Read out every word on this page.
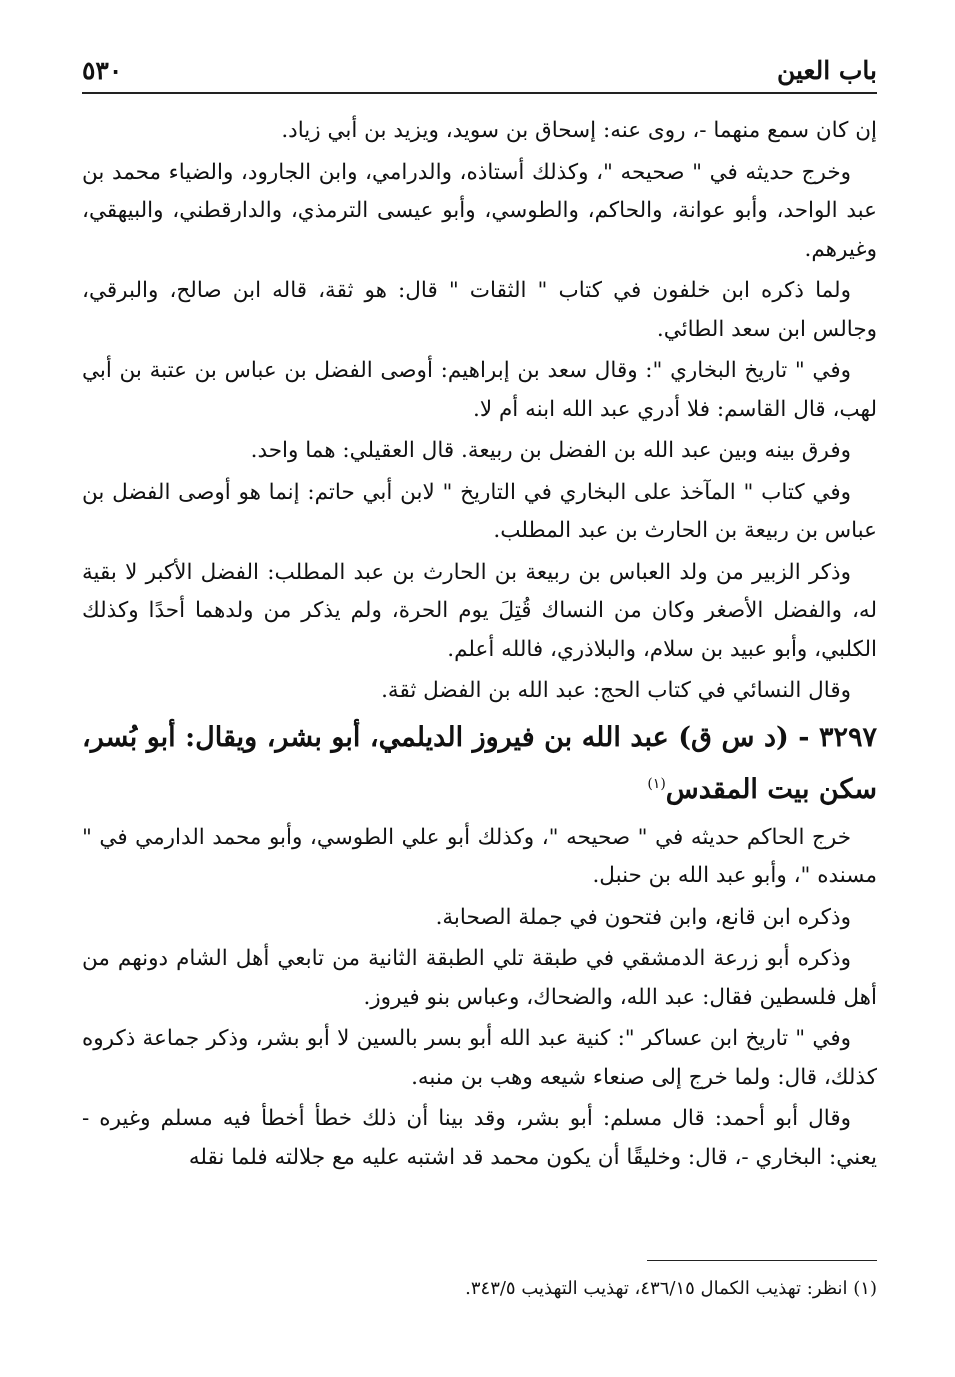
باب العين
٥٣٠

إن كان سمع منهما -، روى عنه: إسحاق بن سويد، ويزيد بن أبي زياد.

وخرج حديثه في " صحيحه "، وكذلك أستاذه، والدرامي، وابن الجارود، والضياء محمد بن عبد الواحد، وأبو عوانة، والحاكم، والطوسي، وأبو عيسى الترمذي، والدارقطني، والبيهقي، وغيرهم.

ولما ذكره ابن خلفون في كتاب " الثقات " قال: هو ثقة، قاله ابن صالح، والبرقي، وجالس ابن سعد الطائي.

وفي " تاريخ البخاري ": وقال سعد بن إبراهيم: أوصى الفضل بن عباس بن عتبة بن أبي لهب، قال القاسم: فلا أدري عبد الله ابنه أم لا.

وفرق بينه وبين عبد الله بن الفضل بن ربيعة. قال العقيلي: هما واحد.

وفي كتاب " المآخذ على البخاري في التاريخ " لابن أبي حاتم: إنما هو أوصى الفضل بن عباس بن ربيعة بن الحارث بن عبد المطلب.

وذكر الزبير من ولد العباس بن ربيعة بن الحارث بن عبد المطلب: الفضل الأكبر لا بقية له، والفضل الأصغر وكان من النساك قُتِلَ يوم الحرة، ولم يذكر من ولدهما أحدًا وكذلك الكلبي، وأبو عبيد بن سلام، والبلاذري، فالله أعلم.

وقال النسائي في كتاب الحج: عبد الله بن الفضل ثقة.

٣٢٩٧ - (د س ق) عبد الله بن فيروز الديلمي، أبو بشر، ويقال: أبو بُسر، سكن بيت المقدس$^{(١)}$

خرج الحاكم حديثه في " صحيحه "، وكذلك أبو علي الطوسي، وأبو محمد الدارمي في " مسنده "، وأبو عبد الله بن حنبل.

وذكره ابن قانع، وابن فتحون في جملة الصحابة.

وذكره أبو زرعة الدمشقي في طبقة تلي الطبقة الثانية من تابعي أهل الشام دونهم من أهل فلسطين فقال: عبد الله، والضحاك، وعباس بنو فيروز.

وفي " تاريخ ابن عساكر ": كنية عبد الله أبو بسر بالسين لا أبو بشر، وذكر جماعة ذكروه كذلك، قال: ولما خرج إلى صنعاء شيعه وهب بن منبه.

وقال أبو أحمد: قال مسلم: أبو بشر، وقد بينا أن ذلك خطأ أخطأ فيه مسلم وغيره - يعني: البخاري -، قال: وخليقًا أن يكون محمد قد اشتبه عليه مع جلالته فلما نقله

(١) انظر: تهذيب الكمال ٤٣٦/١٥، تهذيب التهذيب ٣٤٣/٥.
